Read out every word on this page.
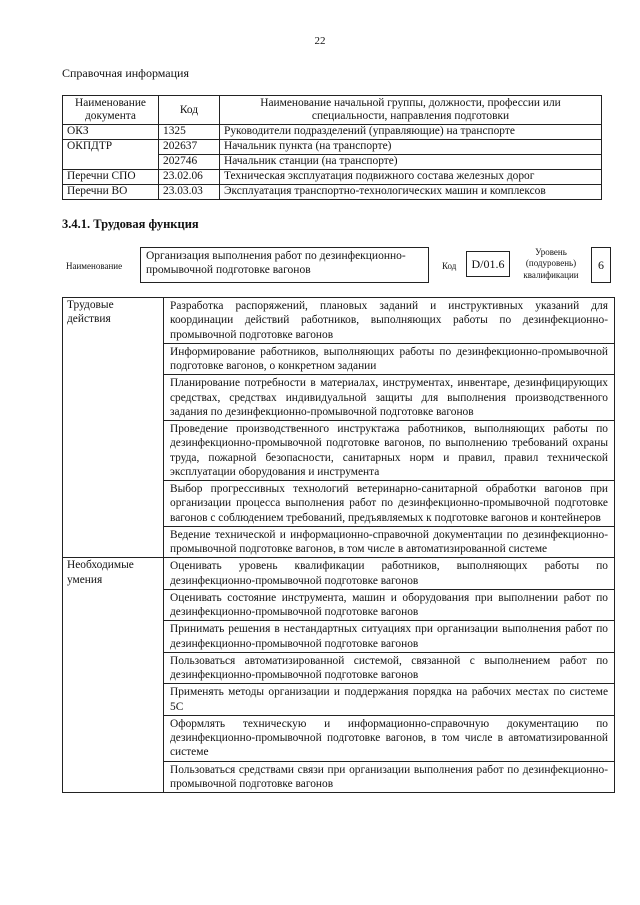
22
Справочная информация
Наименование документа	Код	Наименование начальной группы, должности, профессии или специальности, направления подготовки
ОКЗ	1325	Руководители подразделений (управляющие) на транспорте
ОКПДТР	202637	Начальник пункта (на транспорте)
	202746	Начальник станции (на транспорте)
Перечни СПО	23.02.06	Техническая эксплуатация подвижного состава железных дорог
Перечни ВО	23.03.03	Эксплуатация транспортно-технологических машин и комплексов
3.4.1. Трудовая функция
Наименование
Организация выполнения работ по дезинфекционно-промывочной подготовке вагонов	Код	D/01.6
Уровень (подуровень) квалификации
6
Трудовые действия	Разработка распоряжений, плановых заданий и инструктивных указаний для координации действий работников, выполняющих работы по дезинфекционно-промывочной подготовке вагонов
	Информирование работников, выполняющих работы по дезинфекционно-промывочной подготовке вагонов, о конкретном задании
	Планирование потребности в материалах, инструментах, инвентаре, дезинфицирующих средствах, средствах индивидуальной защиты для выполнения производственного задания по дезинфекционно-промывочной подготовке вагонов
	Проведение производственного инструктажа работников, выполняющих работы по дезинфекционно-промывочной подготовке вагонов, по выполнению требований охраны труда, пожарной безопасности, санитарных норм и правил, правил технической эксплуатации оборудования и инструмента
	Выбор прогрессивных технологий ветеринарно-санитарной обработки вагонов при организации процесса выполнения работ по дезинфекционно-промывочной подготовке вагонов с соблюдением требований, предъявляемых к подготовке вагонов и контейнеров
	Ведение технической и информационно-справочной документации по дезинфекционно-промывочной подготовке вагонов, в том числе в автоматизированной системе
Необходимые умения	Оценивать уровень квалификации работников, выполняющих работы по дезинфекционно-промывочной подготовке вагонов
	Оценивать состояние инструмента, машин и оборудования при выполнении работ по дезинфекционно-промывочной подготовке вагонов
	Принимать решения в нестандартных ситуациях при организации выполнения работ по дезинфекционно-промывочной подготовке вагонов
	Пользоваться автоматизированной системой, связанной с выполнением работ по дезинфекционно-промывочной подготовке вагонов
	Применять методы организации и поддержания порядка на рабочих местах по системе 5С
	Оформлять техническую и информационно-справочную документацию по дезинфекционно-промывочной подготовке вагонов, в том числе в автоматизированной системе
	Пользоваться средствами связи при организации выполнения работ по дезинфекционно-промывочной подготовке вагонов
